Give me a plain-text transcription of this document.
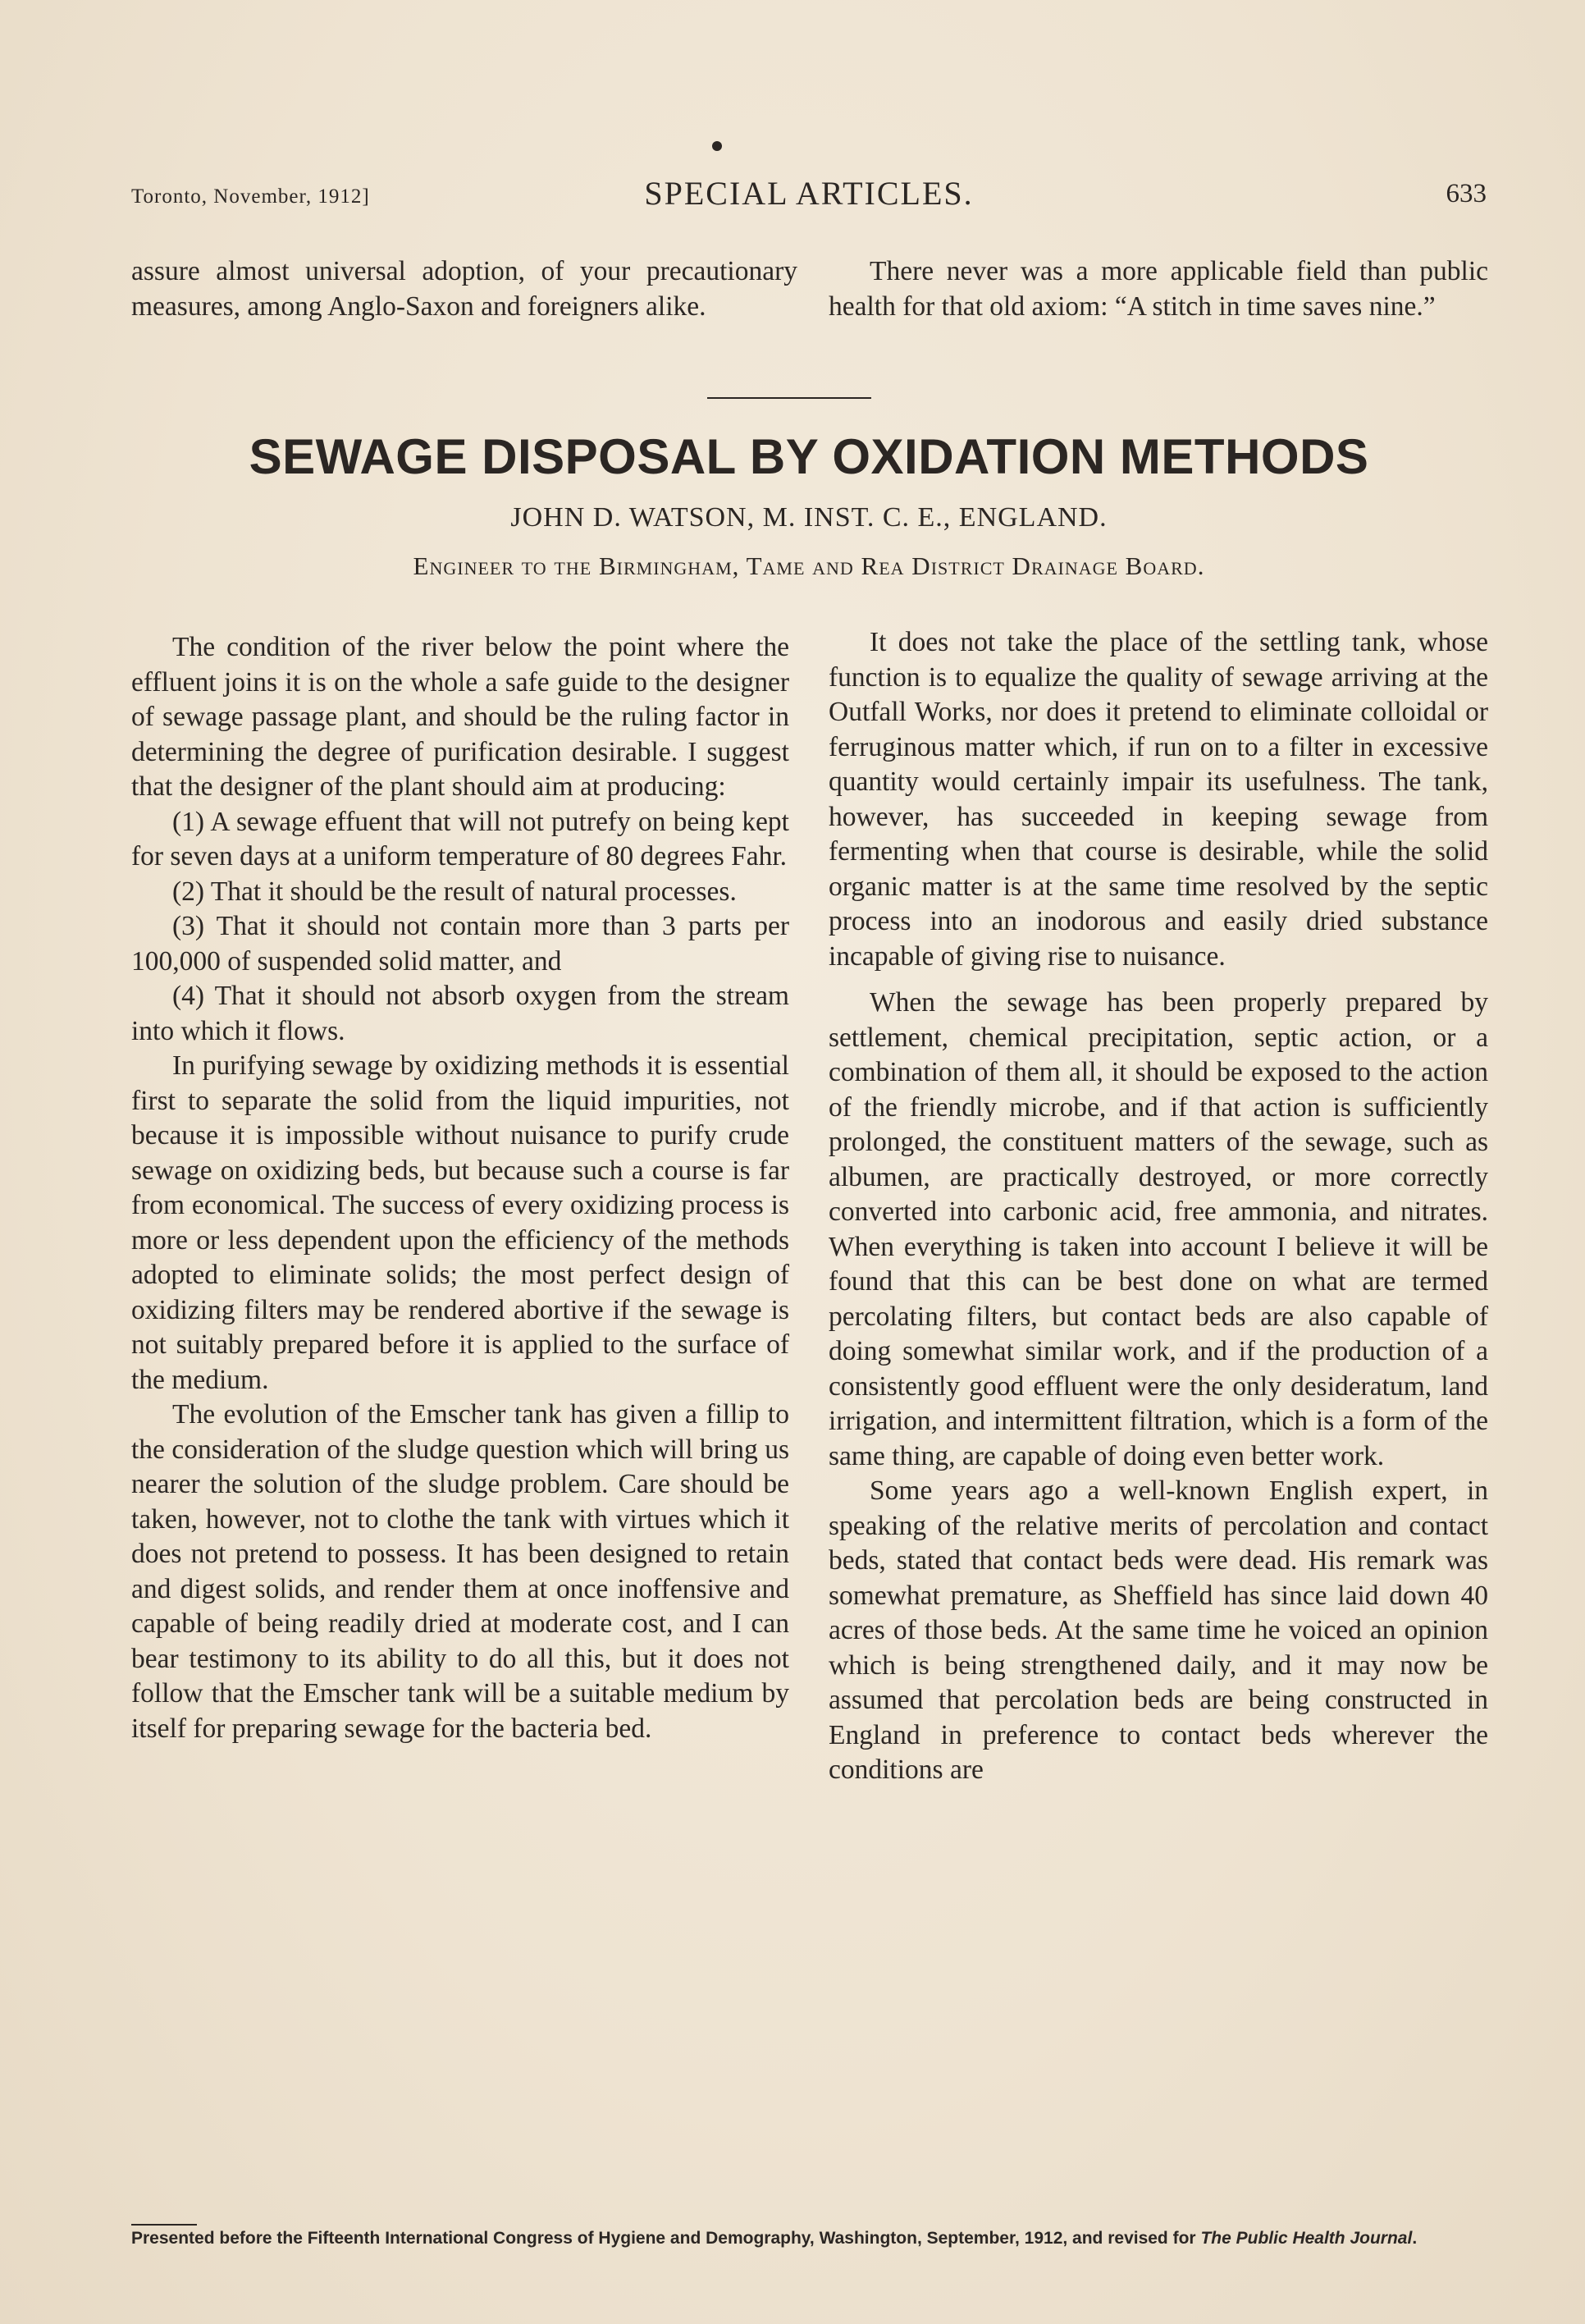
Toronto, November, 1912]	SPECIAL ARTICLES.	633

assure almost universal adoption, of your precautionary measures, among Anglo-Saxon and foreigners alike.

There never was a more applicable field than public health for that old axiom: “A stitch in time saves nine.”

SEWAGE DISPOSAL BY OXIDATION METHODS
JOHN D. WATSON, M. INST. C. E., ENGLAND.
Engineer to the Birmingham, Tame and Rea District Drainage Board.

The condition of the river below the point where the effluent joins it is on the whole a safe guide to the designer of sewage passage plant, and should be the ruling factor in determining the degree of purification desirable. I suggest that the designer of the plant should aim at producing:

(1) A sewage effuent that will not putrefy on being kept for seven days at a uniform temperature of 80 degrees Fahr.

(2) That it should be the result of natural processes.

(3) That it should not contain more than 3 parts per 100,000 of suspended solid matter, and

(4) That it should not absorb oxygen from the stream into which it flows.

In purifying sewage by oxidizing methods it is essential first to separate the solid from the liquid impurities, not because it is impossible without nuisance to purify crude sewage on oxidizing beds, but because such a course is far from economical. The success of every oxidizing process is more or less dependent upon the efficiency of the methods adopted to eliminate solids; the most perfect design of oxidizing filters may be rendered abortive if the sewage is not suitably prepared before it is applied to the surface of the medium.

The evolution of the Emscher tank has given a fillip to the consideration of the sludge question which will bring us nearer the solution of the sludge problem. Care should be taken, however, not to clothe the tank with virtues which it does not pretend to possess. It has been designed to retain and digest solids, and render them at once inoffensive and capable of being readily dried at moderate cost, and I can bear testimony to its ability to do all this, but it does not follow that the Emscher tank will be a suitable medium by itself for preparing sewage for the bacteria bed.

It does not take the place of the settling tank, whose function is to equalize the quality of sewage arriving at the Outfall Works, nor does it pretend to eliminate colloidal or ferruginous matter which, if run on to a filter in excessive quantity would certainly impair its usefulness. The tank, however, has succeeded in keeping sewage from fermenting when that course is desirable, while the solid organic matter is at the same time resolved by the septic process into an inodorous and easily dried substance incapable of giving rise to nuisance.

When the sewage has been properly prepared by settlement, chemical precipitation, septic action, or a combination of them all, it should be exposed to the action of the friendly microbe, and if that action is sufficiently prolonged, the constituent matters of the sewage, such as albumen, are practically destroyed, or more correctly converted into carbonic acid, free ammonia, and nitrates. When everything is taken into account I believe it will be found that this can be best done on what are termed percolating filters, but contact beds are also capable of doing somewhat similar work, and if the production of a consistently good effluent were the only desideratum, land irrigation, and intermittent filtration, which is a form of the same thing, are capable of doing even better work.

Some years ago a well-known English expert, in speaking of the relative merits of percolation and contact beds, stated that contact beds were dead. His remark was somewhat premature, as Sheffield has since laid down 40 acres of those beds. At the same time he voiced an opinion which is being strengthened daily, and it may now be assumed that percolation beds are being constructed in England in preference to contact beds wherever the conditions are

Presented before the Fifteenth International Congress of Hygiene and Demography, Washington, September, 1912, and revised for The Public Health Journal.
